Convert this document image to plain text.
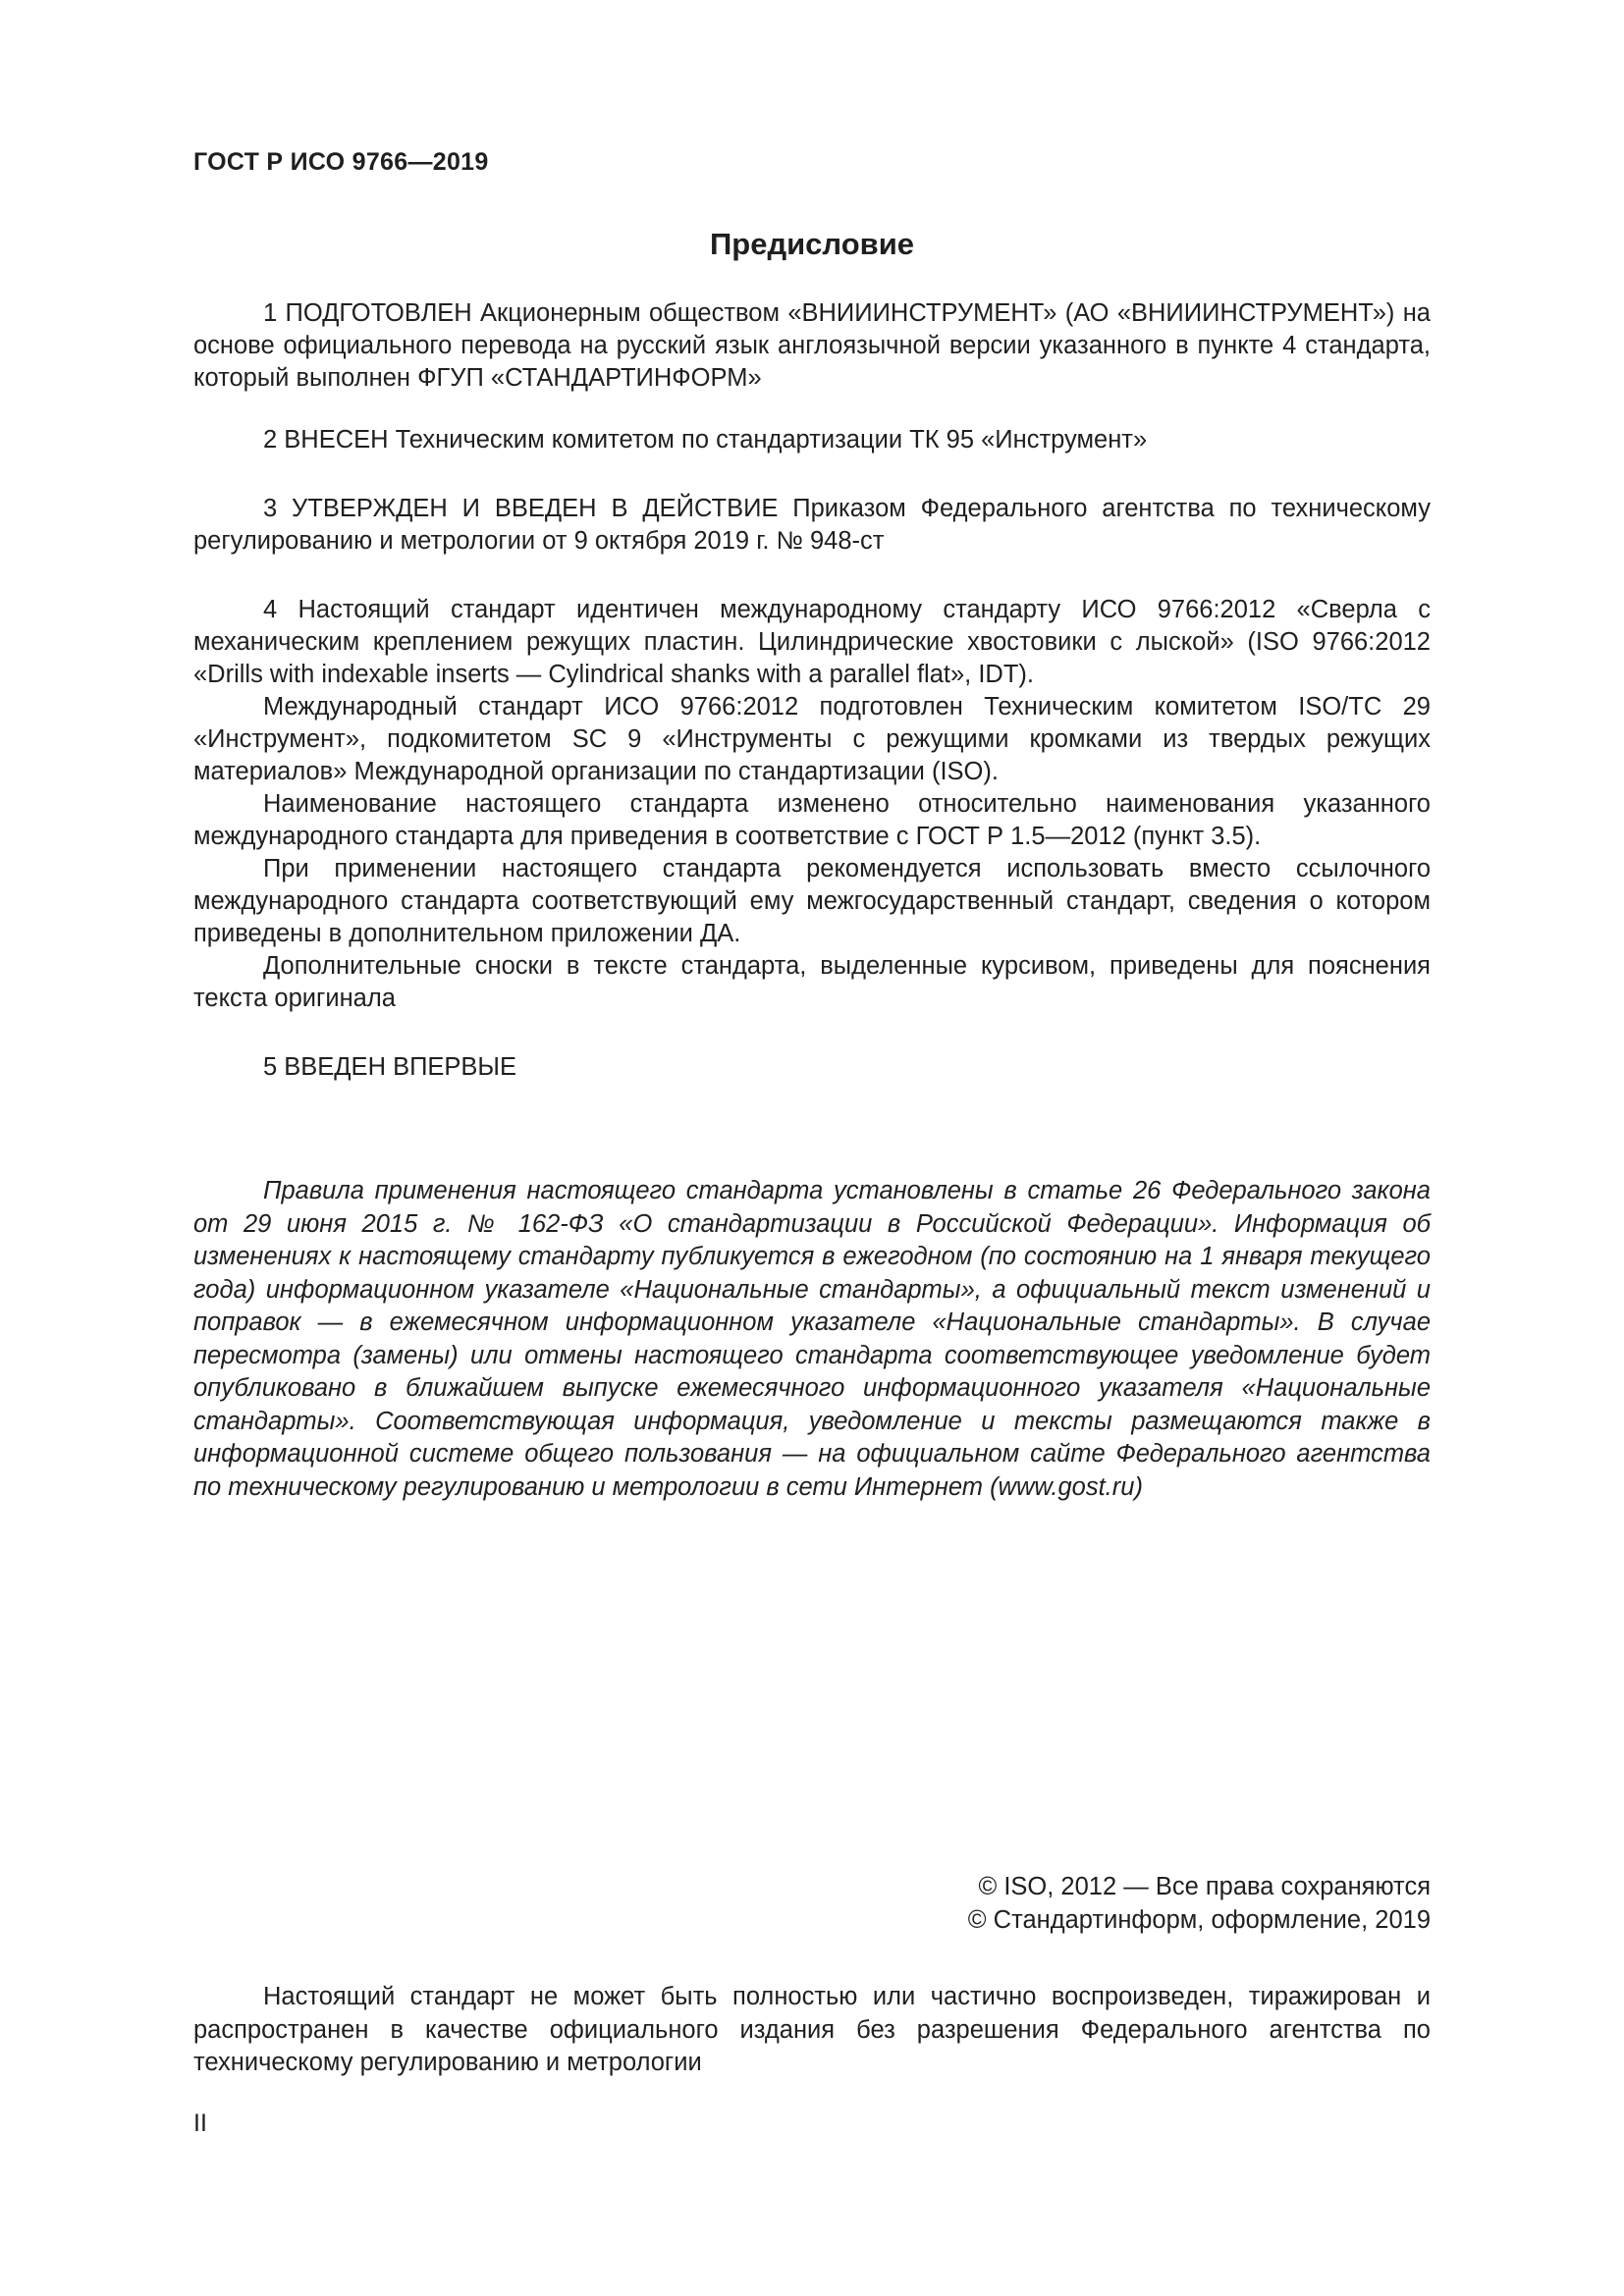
ГОСТ Р ИСО 9766—2019
Предисловие

1 ПОДГОТОВЛЕН Акционерным обществом «ВНИИИНСТРУМЕНТ» (АО «ВНИИИНСТРУМЕНТ») на основе официального перевода на русский язык англоязычной версии указанного в пункте 4 стандарта, который выполнен ФГУП «СТАНДАРТИНФОРМ»

2 ВНЕСЕН Техническим комитетом по стандартизации ТК 95 «Инструмент»

3 УТВЕРЖДЕН И ВВЕДЕН В ДЕЙСТВИЕ Приказом Федерального агентства по техническому регулированию и метрологии от 9 октября 2019 г. № 948-ст

4 Настоящий стандарт идентичен международному стандарту ИСО 9766:2012 «Сверла с механическим креплением режущих пластин. Цилиндрические хвостовики с лыской» (ISO 9766:2012 «Drills with indexable inserts — Cylindrical shanks with a parallel flat», IDT).

Международный стандарт ИСО 9766:2012 подготовлен Техническим комитетом ISO/TC 29 «Инструмент», подкомитетом SC 9 «Инструменты с режущими кромками из твердых режущих материалов» Международной организации по стандартизации (ISO).

Наименование настоящего стандарта изменено относительно наименования указанного международного стандарта для приведения в соответствие с ГОСТ Р 1.5—2012 (пункт 3.5).

При применении настоящего стандарта рекомендуется использовать вместо ссылочного международного стандарта соответствующий ему межгосударственный стандарт, сведения о котором приведены в дополнительном приложении ДА.

Дополнительные сноски в тексте стандарта, выделенные курсивом, приведены для пояснения текста оригинала

5 ВВЕДЕН ВПЕРВЫЕ

Правила применения настоящего стандарта установлены в статье 26 Федерального закона от 29 июня 2015 г. № 162-ФЗ «О стандартизации в Российской Федерации». Информация об изменениях к настоящему стандарту публикуется в ежегодном (по состоянию на 1 января текущего года) информационном указателе «Национальные стандарты», а официальный текст изменений и поправок — в ежемесячном информационном указателе «Национальные стандарты». В случае пересмотра (замены) или отмены настоящего стандарта соответствующее уведомление будет опубликовано в ближайшем выпуске ежемесячного информационного указателя «Национальные стандарты». Соответствующая информация, уведомление и тексты размещаются также в информационной системе общего пользования — на официальном сайте Федерального агентства по техническому регулированию и метрологии в сети Интернет (www.gost.ru)

© ISO, 2012 — Все права сохраняются
© Стандартинформ, оформление, 2019

Настоящий стандарт не может быть полностью или частично воспроизведен, тиражирован и распространен в качестве официального издания без разрешения Федерального агентства по техническому регулированию и метрологии

II
